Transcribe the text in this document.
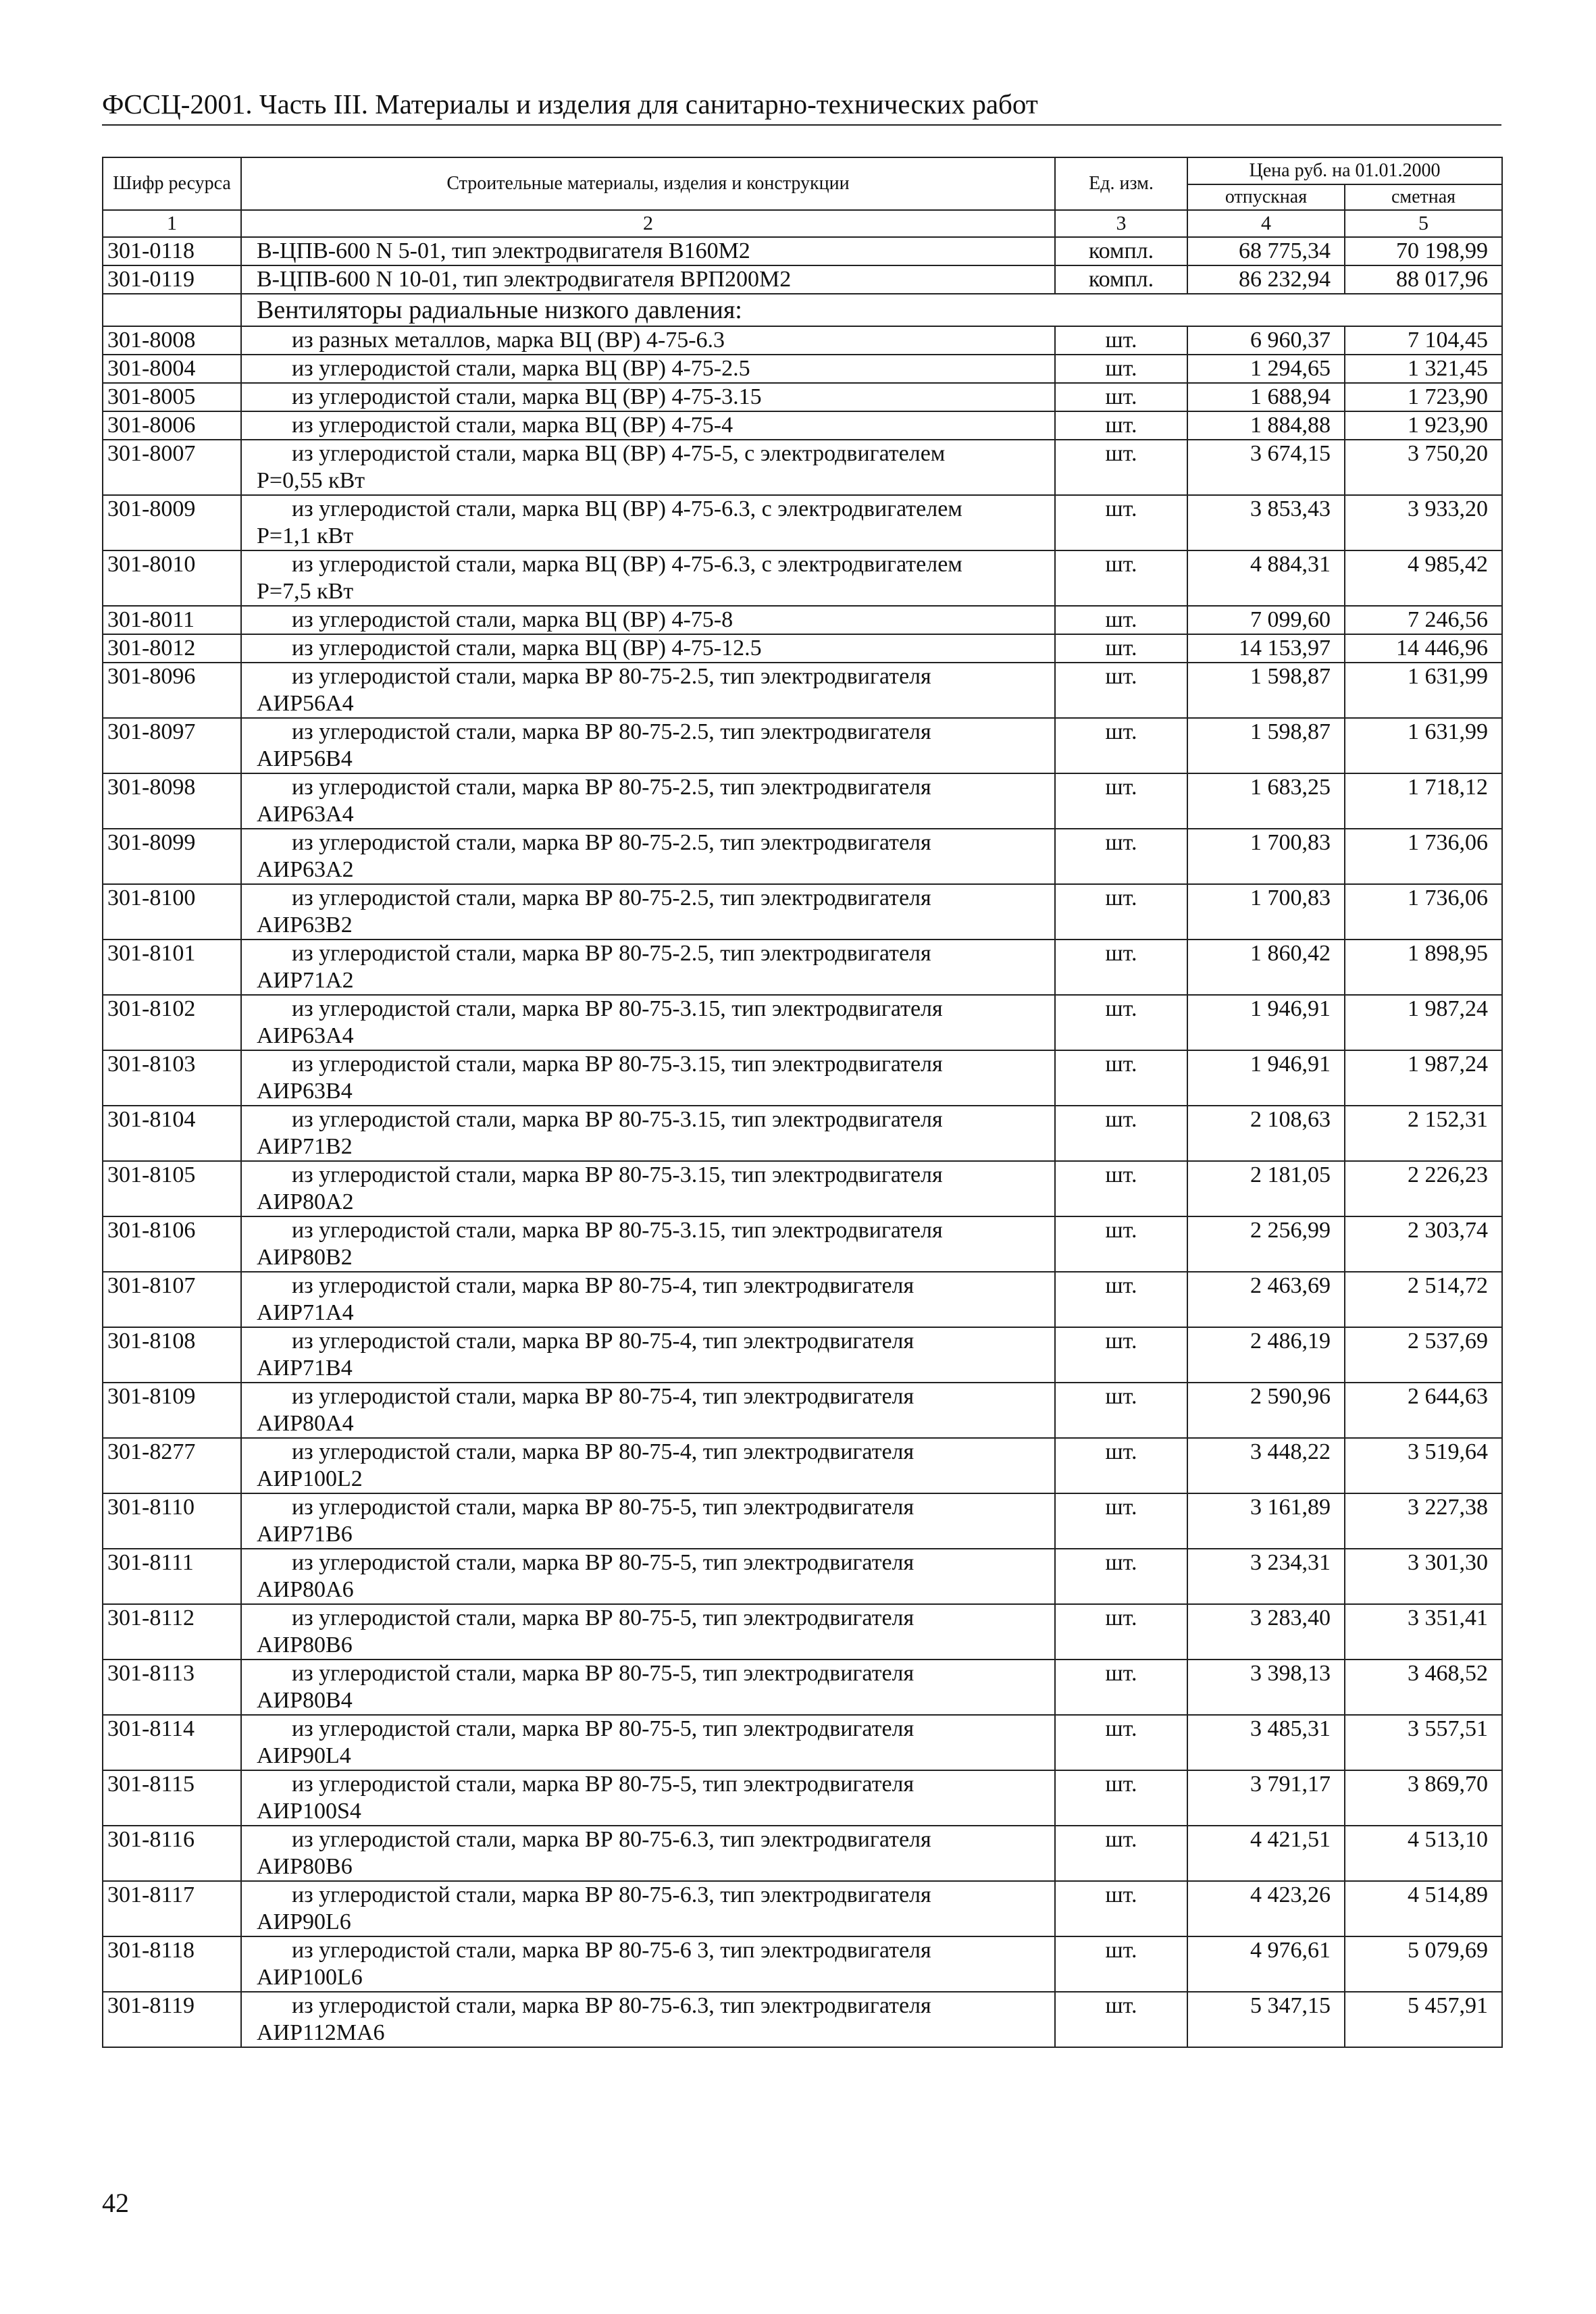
ФССЦ-2001. Часть III. Материалы и изделия для санитарно-технических работ
Шифр ресурса	Строительные материалы, изделия и конструкции	Ед. изм.	Цена руб. на 01.01.2000	
			отпускная	сметная
1	2	3	4	5
301-0118	В-ЦПВ-600 N 5-01, тип электродвигателя В160М2	компл.	68 775,34	70 198,99
301-0119	В-ЦПВ-600 N 10-01, тип электродвигателя ВРП200М2	компл.	86 232,94	88 017,96
	Вентиляторы радиальные низкого давления:			
301-8008	из разных металлов, марка ВЦ (ВР) 4-75-6.3	шт.	6 960,37	7 104,45
301-8004	из углеродистой стали, марка ВЦ (ВР) 4-75-2.5	шт.	1 294,65	1 321,45
301-8005	из углеродистой стали, марка ВЦ (ВР) 4-75-3.15	шт.	1 688,94	1 723,90
301-8006	из углеродистой стали, марка ВЦ (ВР) 4-75-4	шт.	1 884,88	1 923,90
301-8007	из углеродистой стали, марка ВЦ (ВР) 4-75-5, с электродвигателем
Р=0,55 кВт	шт.	3 674,15	3 750,20
301-8009	из углеродистой стали, марка ВЦ (ВР) 4-75-6.3, с электродвигателем
Р=1,1 кВт	шт.	3 853,43	3 933,20
301-8010	из углеродистой стали, марка ВЦ (ВР) 4-75-6.3, с электродвигателем
Р=7,5 кВт	шт.	4 884,31	4 985,42
301-8011	из углеродистой стали, марка ВЦ (ВР) 4-75-8	шт.	7 099,60	7 246,56
301-8012	из углеродистой стали, марка ВЦ (ВР) 4-75-12.5	шт.	14 153,97	14 446,96
301-8096	из углеродистой стали, марка ВР 80-75-2.5, тип электродвигателя
АИР56А4	шт.	1 598,87	1 631,99
301-8097	из углеродистой стали, марка ВР 80-75-2.5, тип электродвигателя
АИР56В4	шт.	1 598,87	1 631,99
301-8098	из углеродистой стали, марка ВР 80-75-2.5, тип электродвигателя
АИР63А4	шт.	1 683,25	1 718,12
301-8099	из углеродистой стали, марка ВР 80-75-2.5, тип электродвигателя
АИР63А2	шт.	1 700,83	1 736,06
301-8100	из углеродистой стали, марка ВР 80-75-2.5, тип электродвигателя
АИР63В2	шт.	1 700,83	1 736,06
301-8101	из углеродистой стали, марка ВР 80-75-2.5, тип электродвигателя
АИР71А2	шт.	1 860,42	1 898,95
301-8102	из углеродистой стали, марка ВР 80-75-3.15, тип электродвигателя
АИР63А4	шт.	1 946,91	1 987,24
301-8103	из углеродистой стали, марка ВР 80-75-3.15, тип электродвигателя
АИР63В4	шт.	1 946,91	1 987,24
301-8104	из углеродистой стали, марка ВР 80-75-3.15, тип электродвигателя
АИР71В2	шт.	2 108,63	2 152,31
301-8105	из углеродистой стали, марка ВР 80-75-3.15, тип электродвигателя
АИР80А2	шт.	2 181,05	2 226,23
301-8106	из углеродистой стали, марка ВР 80-75-3.15, тип электродвигателя
АИР80В2	шт.	2 256,99	2 303,74
301-8107	из углеродистой стали, марка ВР 80-75-4, тип электродвигателя
АИР71А4	шт.	2 463,69	2 514,72
301-8108	из углеродистой стали, марка ВР 80-75-4, тип электродвигателя
АИР71В4	шт.	2 486,19	2 537,69
301-8109	из углеродистой стали, марка ВР 80-75-4, тип электродвигателя
АИР80А4	шт.	2 590,96	2 644,63
301-8277	из углеродистой стали, марка ВР 80-75-4, тип электродвигателя
АИР100L2	шт.	3 448,22	3 519,64
301-8110	из углеродистой стали, марка ВР 80-75-5, тип электродвигателя
АИР71В6	шт.	3 161,89	3 227,38
301-8111	из углеродистой стали, марка ВР 80-75-5, тип электродвигателя
АИР80А6	шт.	3 234,31	3 301,30
301-8112	из углеродистой стали, марка ВР 80-75-5, тип электродвигателя
АИР80В6	шт.	3 283,40	3 351,41
301-8113	из углеродистой стали, марка ВР 80-75-5, тип электродвигателя
АИР80В4	шт.	3 398,13	3 468,52
301-8114	из углеродистой стали, марка ВР 80-75-5, тип электродвигателя
АИР90L4	шт.	3 485,31	3 557,51
301-8115	из углеродистой стали, марка ВР 80-75-5, тип электродвигателя
АИР100S4	шт.	3 791,17	3 869,70
301-8116	из углеродистой стали, марка ВР 80-75-6.3, тип электродвигателя
АИР80В6	шт.	4 421,51	4 513,10
301-8117	из углеродистой стали, марка ВР 80-75-6.3, тип электродвигателя
АИР90L6	шт.	4 423,26	4 514,89
301-8118	из углеродистой стали, марка ВР 80-75-6 3, тип электродвигателя
АИР100L6	шт.	4 976,61	5 079,69
301-8119	из углеродистой стали, марка ВР 80-75-6.3, тип электродвигателя
АИР112МА6	шт.	5 347,15	5 457,91
42
